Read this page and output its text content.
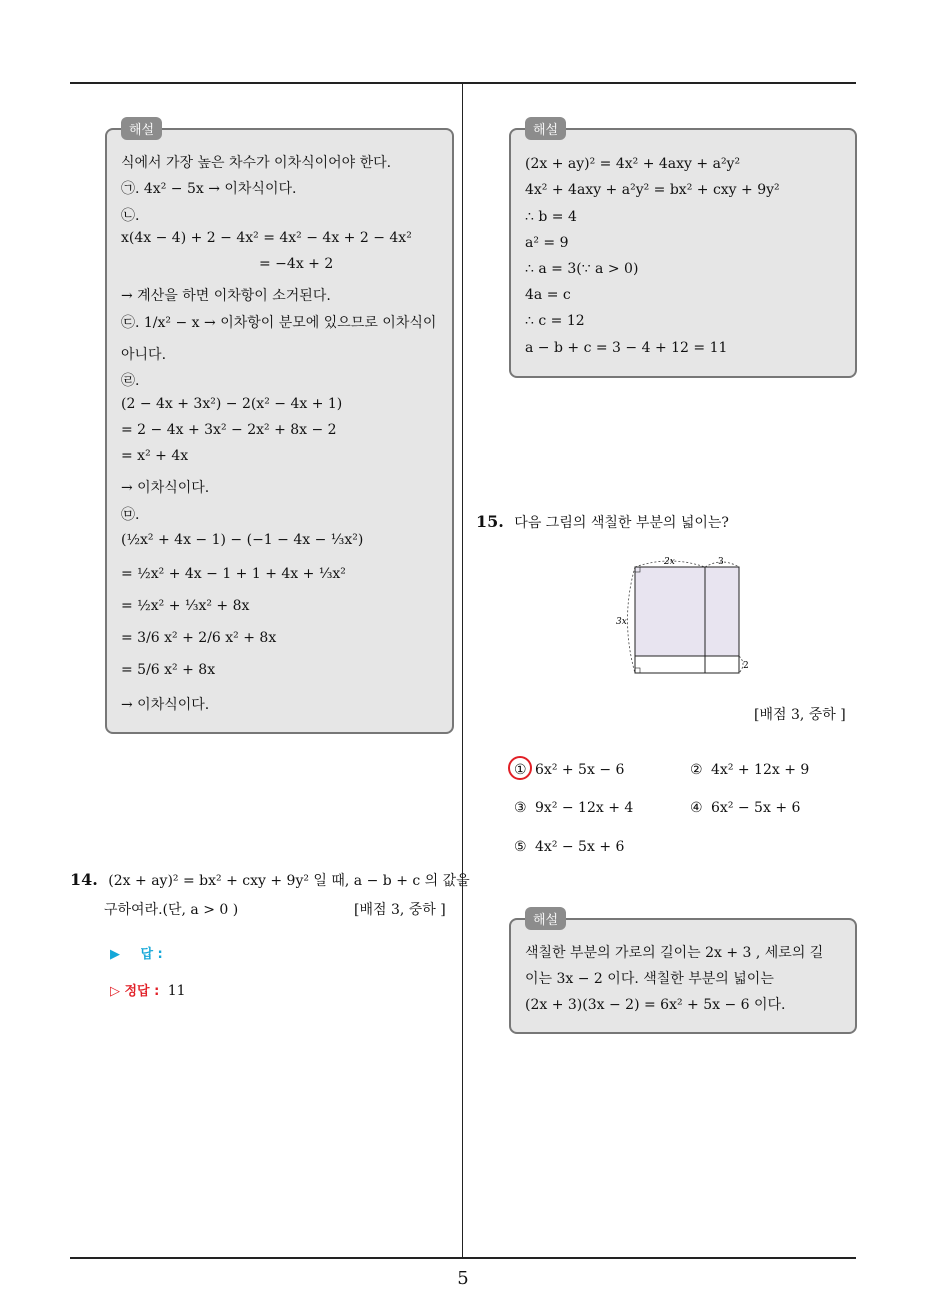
해설
식에서 가장 높은 차수가 이차식이어야 한다.
㉠. 4x² − 5x → 이차식이다.
㉡.
x(4x − 4) + 2 − 4x² = 4x² − 4x + 2 − 4x²
= −4x + 2
→ 계산을 하면 이차항이 소거된다.
㉢. 1/x² − x → 이차항이 분모에 있으므로 이차식이
아니다.
㉣.
(2 − 4x + 3x²) − 2(x² − 4x + 1)
= 2 − 4x + 3x² − 2x² + 8x − 2
= x² + 4x
→ 이차식이다.
㉤.
(½x² + 4x − 1) − (−1 − 4x − ⅓x²)
= ½x² + 4x − 1 + 1 + 4x + ⅓x²
= ½x² + ⅓x² + 8x
= 3/6 x² + 2/6 x² + 8x
= 5/6 x² + 8x
→ 이차식이다.
14. (2x + ay)² = bx² + cxy + 9y² 일 때, a − b + c 의 값을
구하여라.(단, a > 0 )	[배점 3, 중하 ]
▶ 답 :
▷ 정답 : 11
해설
(2x + ay)² = 4x² + 4axy + a²y²
4x² + 4axy + a²y² = bx² + cxy + 9y²
∴ b = 4
a² = 9
∴ a = 3(∵ a > 0)
4a = c
∴ c = 12
a − b + c = 3 − 4 + 12 = 11
15. 다음 그림의 색칠한 부분의 넓이는?
2x	3
3x
2
[배점 3, 중하 ]
① 6x² + 5x − 6	② 4x² + 12x + 9
③ 9x² − 12x + 4	④ 6x² − 5x + 6
⑤ 4x² − 5x + 6
해설
색칠한 부분의 가로의 길이는 2x + 3 , 세로의 길
이는 3x − 2 이다. 색칠한 부분의 넓이는
(2x + 3)(3x − 2) = 6x² + 5x − 6 이다.
5
